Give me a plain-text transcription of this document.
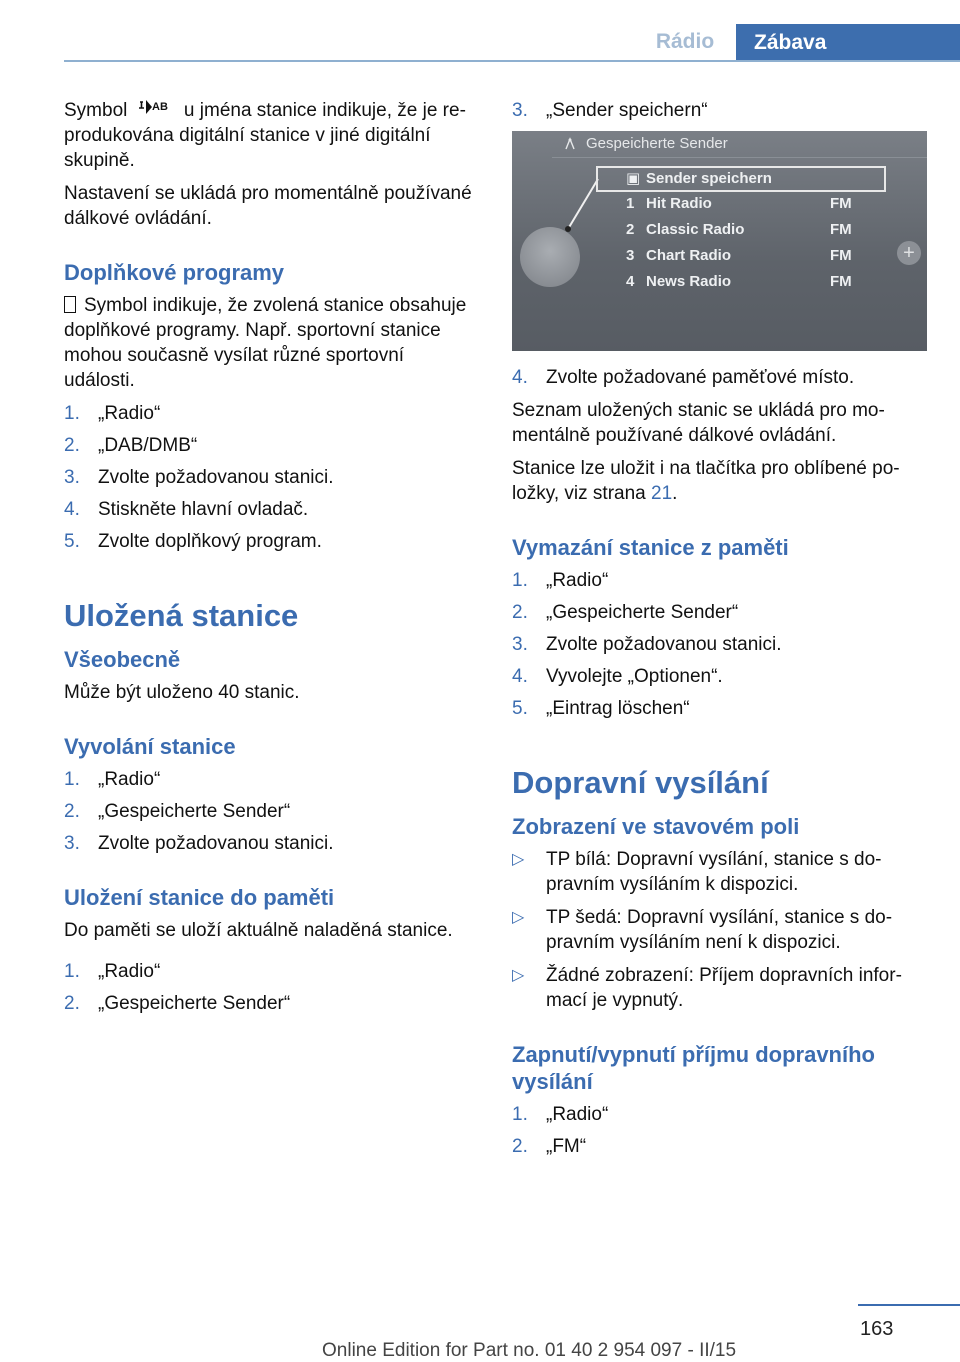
Rádio	Zábava

Symbol AB u jména stanice indikuje, že je reprodukována digitální stanice v jiné digitální skupině.

Nastavení se ukládá pro momentálně používané dálkové ovládání.

Doplňkové programy

Symbol indikuje, že zvolená stanice obsahuje doplňkové programy. Např. sportovní stanice mohou současně vysílat různé sportovní události.

1. „Radio“
2. „DAB/DMB“
3. Zvolte požadovanou stanici.
4. Stiskněte hlavní ovladač.
5. Zvolte doplňkový program.
Uložená stanice
Všeobecně

Může být uloženo 40 stanic.

Vyvolání stanice
1. „Radio“
2. „Gespeicherte Sender“
3. Zvolte požadovanou stanici.
Uložení stanice do paměti

Do paměti se uloží aktuálně naladěná stanice.

1. „Radio“
2. „Gespeicherte Sender“
3. „Sender speichern“
Gespeicherte Sender
▣ Sender speichern
1 Hit Radio	FM
2 Classic Radio	FM
3 Chart Radio	FM
4 News Radio	FM
+
4. Zvolte požadované paměťové místo.

Seznam uložených stanic se ukládá pro momentálně používané dálkové ovládání.

Stanice lze uložit i na tlačítka pro oblíbené položky, viz strana 21.

Vymazání stanice z paměti
1. „Radio“
2. „Gespeicherte Sender“
3. Zvolte požadovanou stanici.
4. Vyvolejte „Optionen“.
5. „Eintrag löschen“
Dopravní vysílání
Zobrazení ve stavovém poli
▷ TP bílá: Dopravní vysílání, stanice s dopravním vysíláním k dispozici.
▷ TP šedá: Dopravní vysílání, stanice s dopravním vysíláním není k dispozici.
▷ Žádné zobrazení: Příjem dopravních informací je vypnutý.
Zapnutí/vypnutí příjmu dopravního vysílání
1. „Radio“
2. „FM“
163
Online Edition for Part no. 01 40 2 954 097 - II/15
